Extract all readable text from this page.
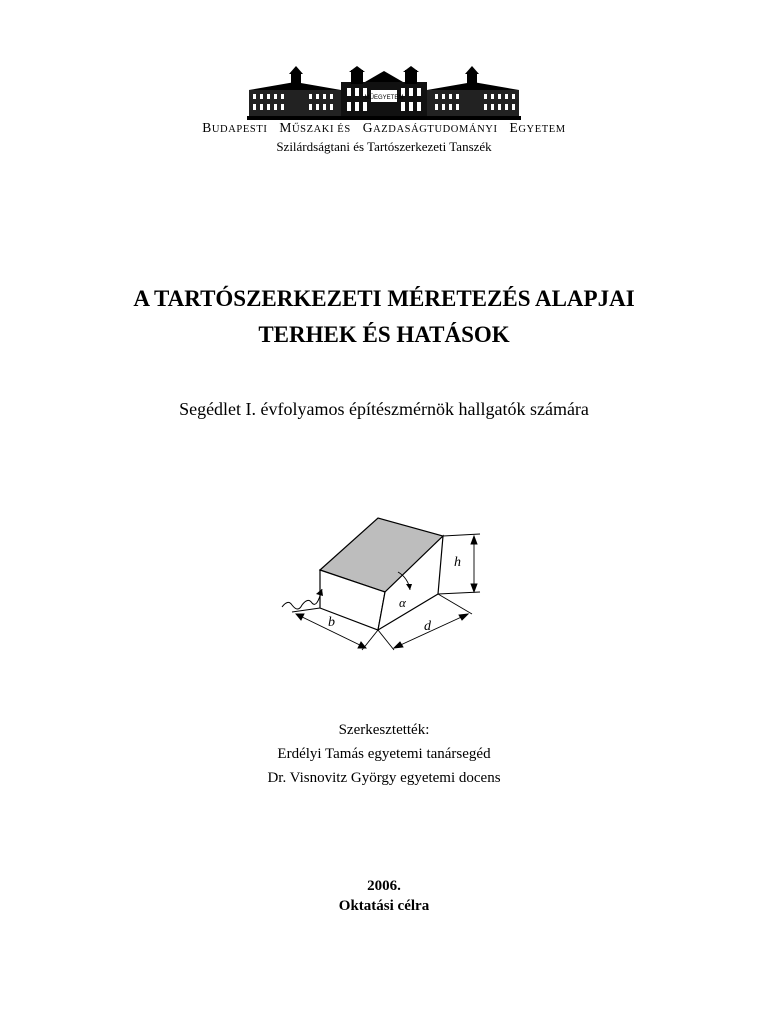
MŰEGYETEM
BUDAPESTI MŰSZAKI ÉS GAZDASÁGTUDOMÁNYI EGYETEM
Szilárdságtani és Tartószerkezeti Tanszék
A TARTÓSZERKEZETI MÉRETEZÉS ALAPJAI
TERHEK ÉS HATÁSOK
Segédlet I. évfolyamos építészmérnök hallgatók számára
h
α
b	d
Szerkesztették:
Erdélyi Tamás egyetemi tanársegéd
Dr. Visnovitz György egyetemi docens
2006.
Oktatási célra
